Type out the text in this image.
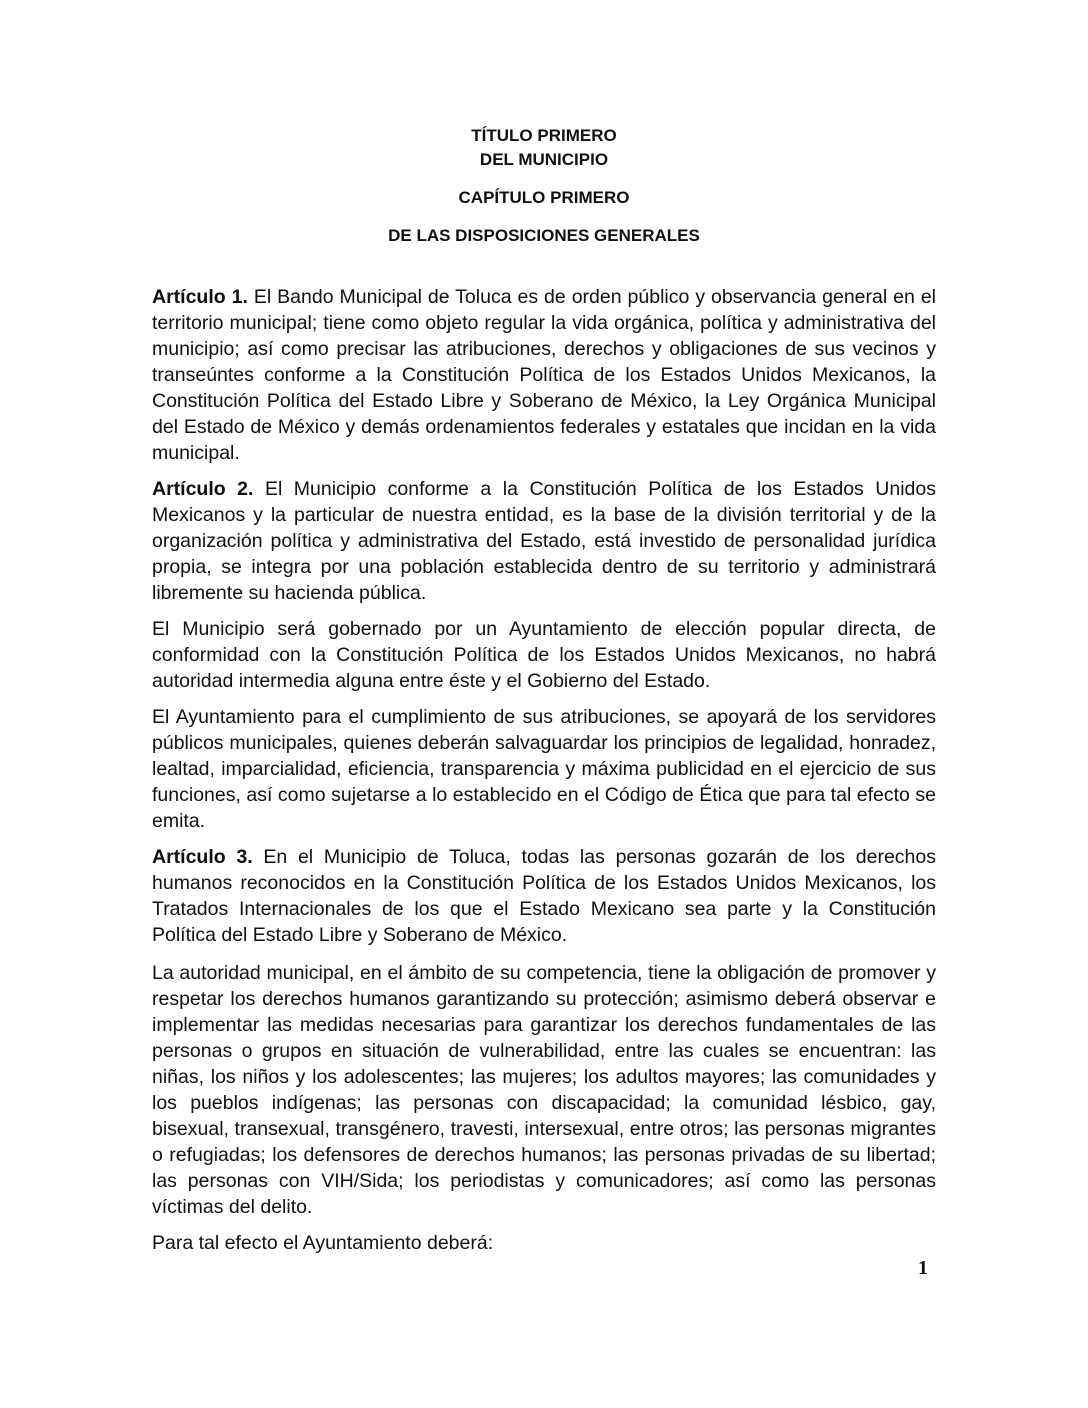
TÍTULO PRIMERO
DEL MUNICIPIO
CAPÍTULO PRIMERO
DE LAS DISPOSICIONES GENERALES

Artículo 1. El Bando Municipal de Toluca es de orden público y observancia general en el territorio municipal; tiene como objeto regular la vida orgánica, política y administrativa del municipio; así como precisar las atribuciones, derechos y obligaciones de sus vecinos y transeúntes conforme a la Constitución Política de los Estados Unidos Mexicanos, la Constitución Política del Estado Libre y Soberano de México, la Ley Orgánica Municipal del Estado de México y demás ordenamientos federales y estatales que incidan en la vida municipal.

Artículo 2. El Municipio conforme a la Constitución Política de los Estados Unidos Mexicanos y la particular de nuestra entidad, es la base de la división territorial y de la organización política y administrativa del Estado, está investido de personalidad jurídica propia, se integra por una población establecida dentro de su territorio y administrará libremente su hacienda pública.

El Municipio será gobernado por un Ayuntamiento de elección popular directa, de conformidad con la Constitución Política de los Estados Unidos Mexicanos, no habrá autoridad intermedia alguna entre éste y el Gobierno del Estado.

El Ayuntamiento para el cumplimiento de sus atribuciones, se apoyará de los servidores públicos municipales, quienes deberán salvaguardar los principios de legalidad, honradez, lealtad, imparcialidad, eficiencia, transparencia y máxima publicidad en el ejercicio de sus funciones, así como sujetarse a lo establecido en el Código de Ética que para tal efecto se emita.

Artículo 3. En el Municipio de Toluca, todas las personas gozarán de los derechos humanos reconocidos en la Constitución Política de los Estados Unidos Mexicanos, los Tratados Internacionales de los que el Estado Mexicano sea parte y la Constitución Política del Estado Libre y Soberano de México.

La autoridad municipal, en el ámbito de su competencia, tiene la obligación de promover y respetar los derechos humanos garantizando su protección; asimismo deberá observar e implementar las medidas necesarias para garantizar los derechos fundamentales de las personas o grupos en situación de vulnerabilidad, entre las cuales se encuentran: las niñas, los niños y los adolescentes; las mujeres; los adultos mayores; las comunidades y los pueblos indígenas; las personas con discapacidad; la comunidad lésbico, gay, bisexual, transexual, transgénero, travesti, intersexual, entre otros; las personas migrantes o refugiadas; los defensores de derechos humanos; las personas privadas de su libertad; las personas con VIH/Sida; los periodistas y comunicadores; así como las personas víctimas del delito.

Para tal efecto el Ayuntamiento deberá:

1
